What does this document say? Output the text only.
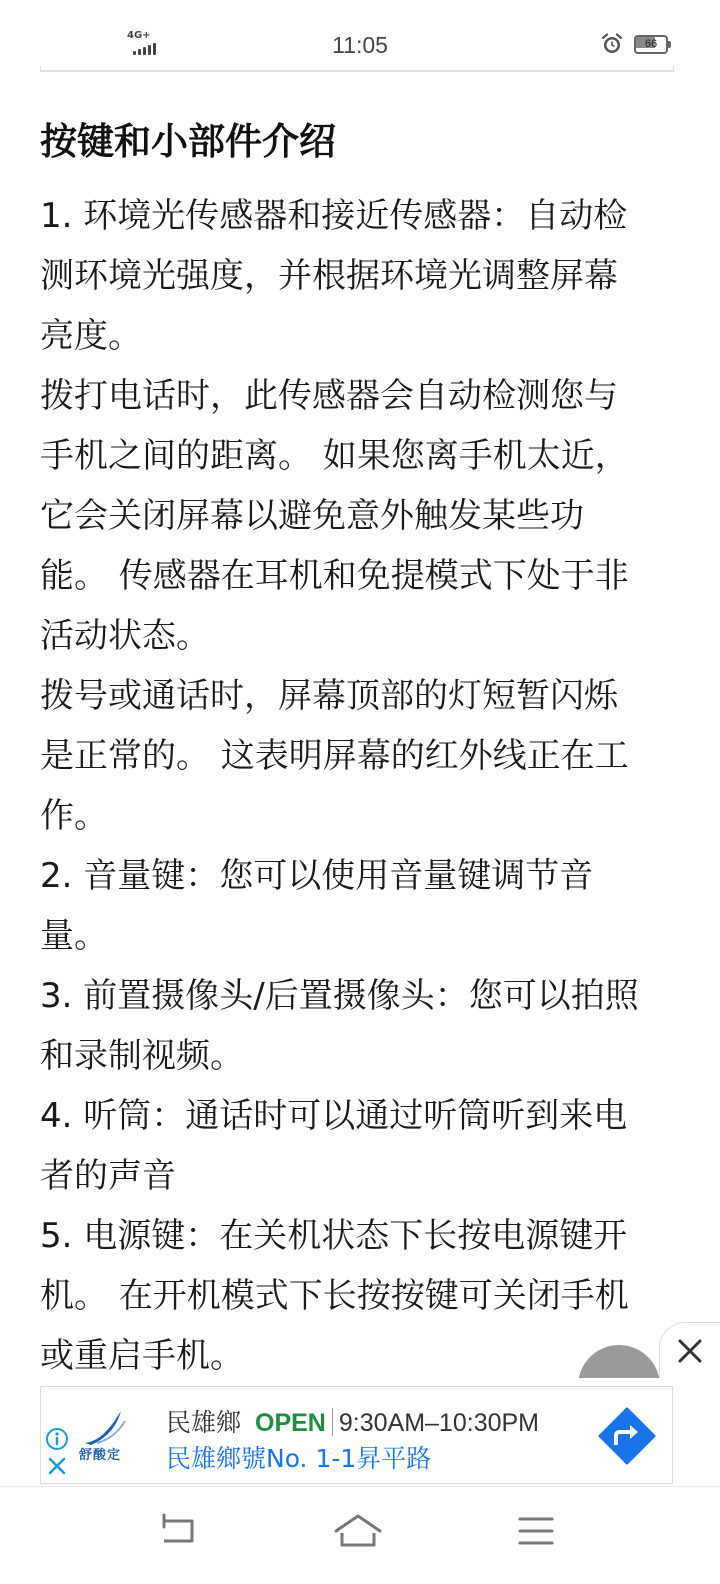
4G+	11:05	66
按键和小部件介绍

1. 环境光传感器和接近传感器：自动检
测环境光强度，并根据环境光调整屏幕
亮度。
拨打电话时，此传感器会自动检测您与
手机之间的距离。 如果您离手机太近，
它会关闭屏幕以避免意外触发某些功
能。 传感器在耳机和免提模式下处于非
活动状态。
拨号或通话时，屏幕顶部的灯短暂闪烁
是正常的。 这表明屏幕的红外线正在工
作。
2. 音量键：您可以使用音量键调节音
量。
3. 前置摄像头/后置摄像头：您可以拍照
和录制视频。
4. 听筒：通话时可以通过听筒听到来电
者的声音
5. 电源键：在关机状态下长按电源键开
机。 在开机模式下长按按键可关闭手机
或重启手机。

舒酸定
民雄鄉 OPEN 9:30AM–10:30PM
民雄鄉號No. 1-1昇平路
